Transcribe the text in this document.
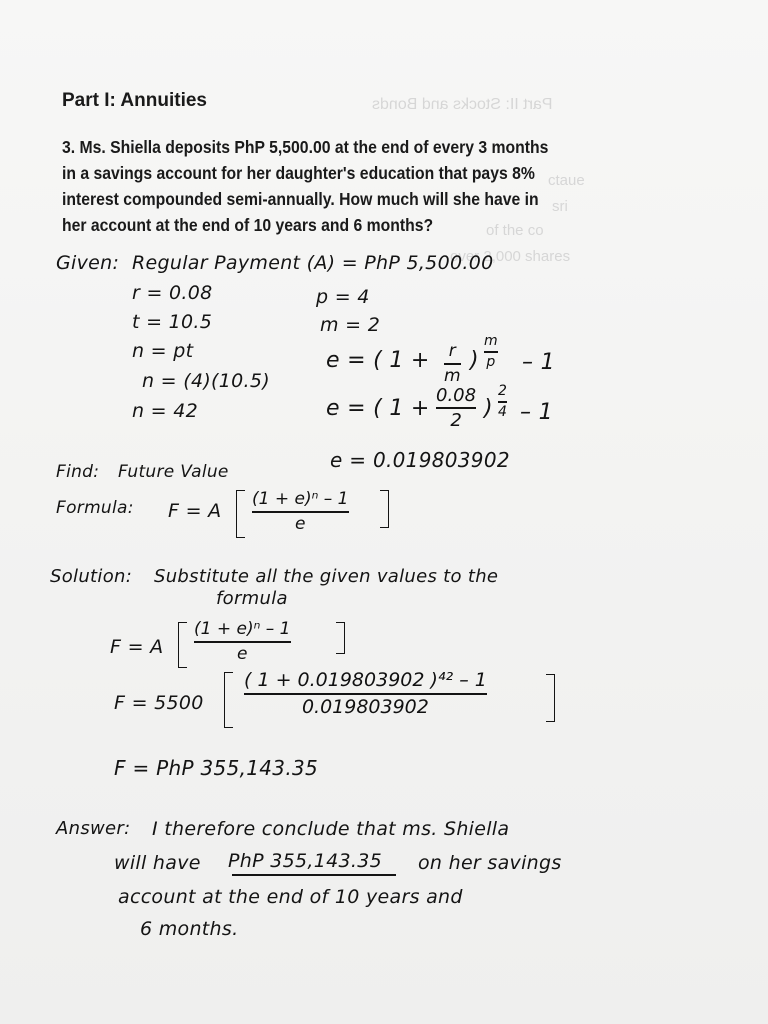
Part II: Stocks and Bonds
ctaue
sri
of the co
over 2,000 shares
Part I: Annuities
3. Ms. Shiella deposits PhP 5,500.00 at the end of every 3 months
in a savings account for her daughter's education that pays 8%
interest compounded semi-annually. How much will she have in
her account at the end of 10 years and 6 months?
Given: Regular Payment (A) = PhP 5,500.00
r = 0.08
t = 10.5
n = pt
n = (4)(10.5)
n = 42
p = 4
m = 2
e = ( 1 + r
m
)
m
p – 1
e = ( 1 +
0.08
2 )
2
4 – 1
e = 0.019803902
Find: Future Value
Formula: F = A
(1 + e)ⁿ – 1
e
Solution: Substitute all the given values to the
formula
F = A
(1 + e)ⁿ – 1
e
F = 5500
( 1 + 0.019803902 )⁴² – 1
0.019803902
F = PhP 355,143.35
Answer: I therefore conclude that ms. Shiella
will have PhP 355,143.35 on her savings
account at the end of 10 years and
6 months.
